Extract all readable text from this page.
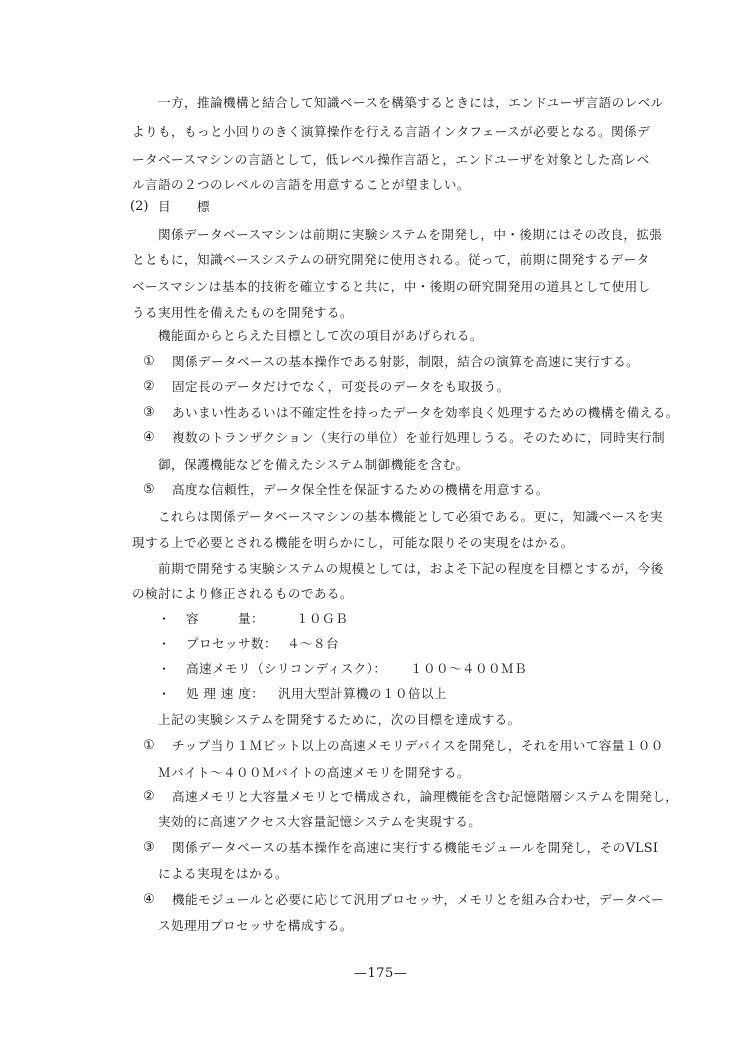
一方，推論機構と結合して知識ベースを構築するときには，エンドユーザ言語のレベル
よりも，もっと小回りのきく演算操作を行える言語インタフェースが必要となる。関係デ
ータベースマシンの言語として，低レベル操作言語と，エンドユーザを対象とした高レベ
ル言語の２つのレベルの言語を用意することが望ましい。
(2) 目　　標
関係データベースマシンは前期に実験システムを開発し，中・後期にはその改良，拡張
とともに，知識ベースシステムの研究開発に使用される。従って，前期に開発するデータ
ベースマシンは基本的技術を確立すると共に，中・後期の研究開発用の道具として使用し
うる実用性を備えたものを開発する。
機能面からとらえた目標として次の項目があげられる。
① 関係データベースの基本操作である射影，制限，結合の演算を高速に実行する。
② 固定長のデータだけでなく，可変長のデータをも取扱う。
③ あいまい性あるいは不確定性を持ったデータを効率良く処理するための機構を備える。
④ 複数のトランザクション（実行の単位）を並行処理しうる。そのために，同時実行制
御，保護機能などを備えたシステム制御機能を含む。
⑤ 高度な信頼性，データ保全性を保証するための機構を用意する。
これらは関係データベースマシンの基本機能として必須である。更に，知識ベースを実
現する上で必要とされる機能を明らかにし，可能な限りその実現をはかる。
前期で開発する実験システムの規模としては，およそ下記の程度を目標とするが，今後
の検討により修正されるものである。
・ 容　　　量：	１０ＧＢ
・ プロセッサ数： ４〜８台
・ 高速メモリ（シリコンディスク）： １００〜４００ＭＢ
・ 処 理 速 度： 汎用大型計算機の１０倍以上
上記の実験システムを開発するために，次の目標を達成する。
① チップ当り１Ｍビット以上の高速メモリデバイスを開発し，それを用いて容量１００
Ｍバイト〜４００Ｍバイトの高速メモリを開発する。
② 高速メモリと大容量メモリとで構成され，論理機能を含む記憶階層システムを開発し，
実効的に高速アクセス大容量記憶システムを実現する。
③ 関係データベースの基本操作を高速に実行する機能モジュールを開発し，そのVLSI
による実現をはかる。
④ 機能モジュールと必要に応じて汎用プロセッサ，メモリとを組み合わせ，データベー
ス処理用プロセッサを構成する。
—175—
